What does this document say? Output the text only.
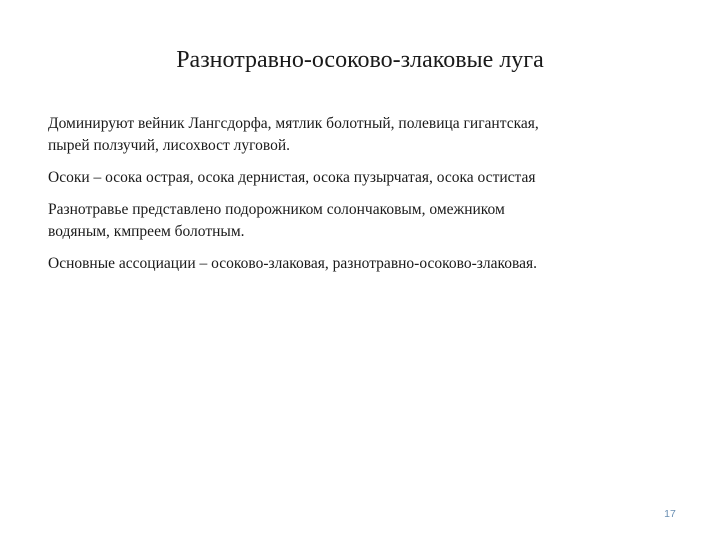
Разнотравно-осоково-злаковые луга

Доминируют вейник Лангсдорфа, мятлик болотный, полевица гигантская,
пырей ползучий, лисохвост луговой.

Осоки – осока острая, осока дернистая, осока пузырчатая, осока остистая

Разнотравье представлено подорожником солончаковым, омежником
водяным, кмпреем болотным.

Основные ассоциации – осоково-злаковая, разнотравно-осоково-злаковая.

17
